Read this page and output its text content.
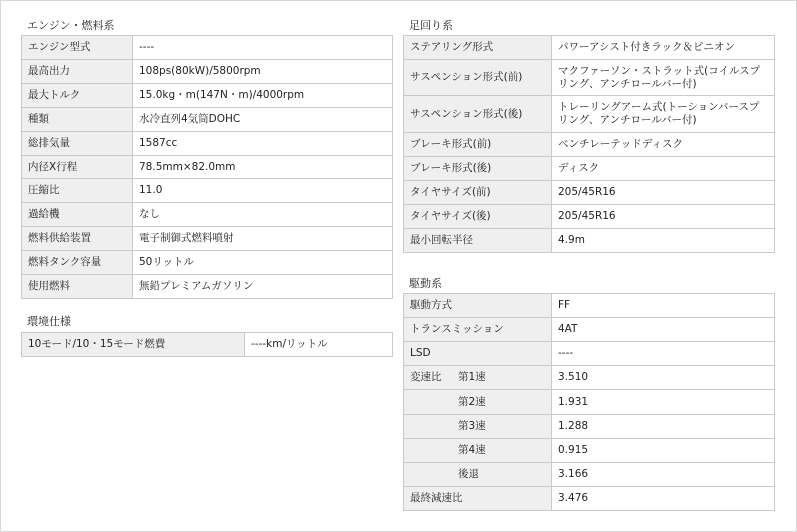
エンジン・燃料系
エンジン型式	----
最高出力	108ps(80kW)/5800rpm
最大トルク	15.0kg・m(147N・m)/4000rpm
種類	水冷直列4気筒DOHC
総排気量	1587cc
内径X行程	78.5mm×82.0mm
圧縮比	11.0
過給機	なし
燃料供給装置	電子制御式燃料噴射
燃料タンク容量	50リットル
使用燃料	無鉛プレミアムガソリン
環境仕様
10モード/10・15モード燃費	----km/リットル
足回り系
ステアリング形式	パワーアシスト付きラック＆ピニオン
サスペンション形式(前)	マクファーソン・ストラット式(コイルスプリング、アンチロールバー付)
サスペンション形式(後)	トレーリングアーム式(トーションバースプリング、アンチロールバー付)
ブレーキ形式(前)	ベンチレーテッドディスク
ブレーキ形式(後)	ディスク
タイヤサイズ(前)	205/45R16
タイヤサイズ(後)	205/45R16
最小回転半径	4.9m
駆動系
駆動方式	FF
トランスミッション	4AT
LSD	----
変速比 第1速	3.510
第2速	1.931
第3速	1.288
第4速	0.915
後退	3.166
最終減速比	3.476
